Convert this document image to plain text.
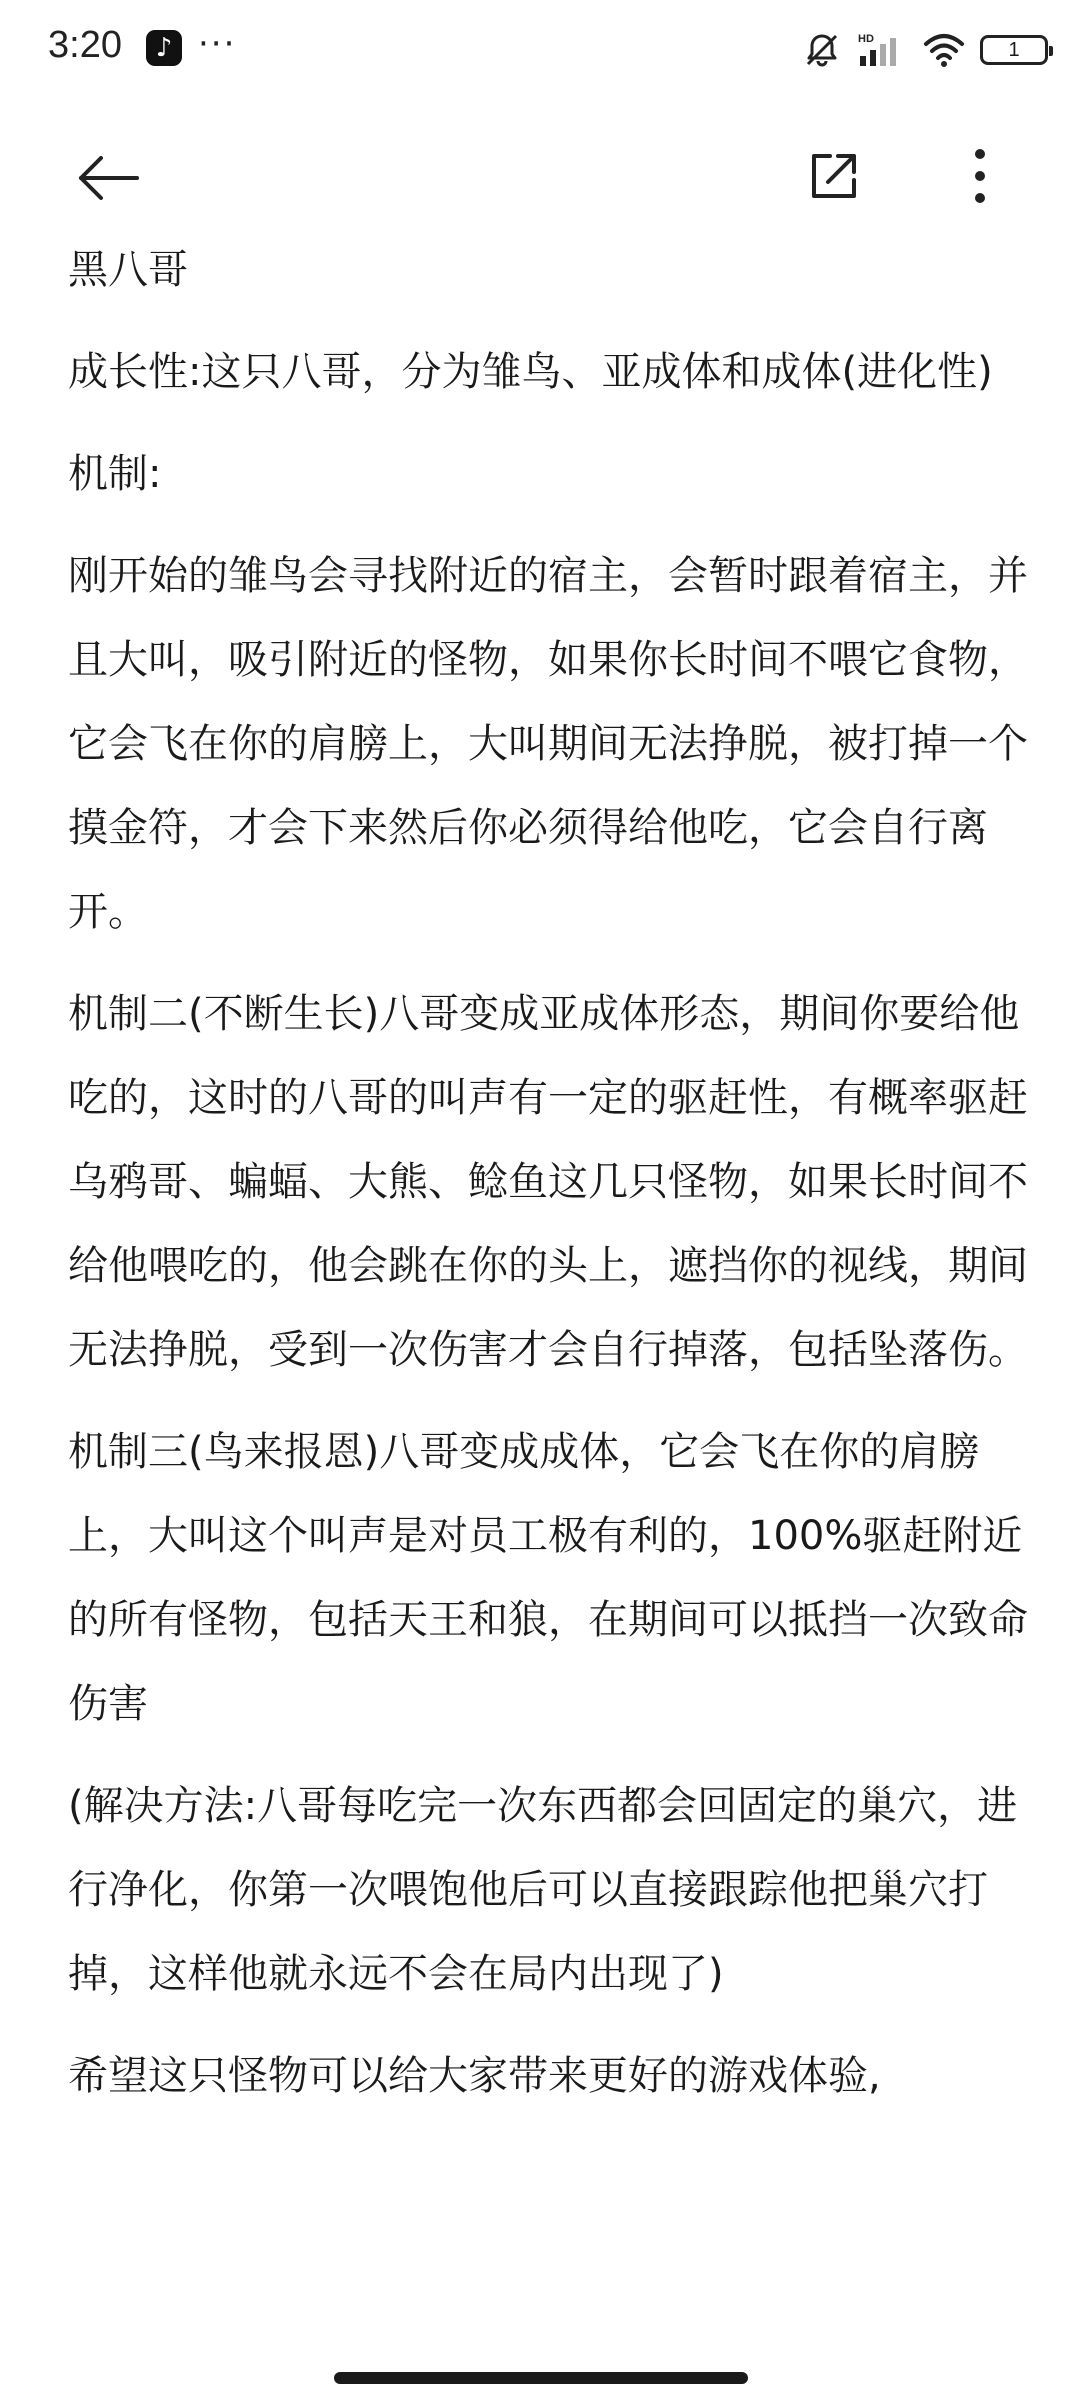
3:20	♪ ···	HD	1

黑八哥

成长性:这只八哥，分为雏鸟、亚成体和成体(进化性)

机制:

刚开始的雏鸟会寻找附近的宿主，会暂时跟着宿主，并且大叫，吸引附近的怪物，如果你长时间不喂它食物，它会飞在你的肩膀上，大叫期间无法挣脱，被打掉一个摸金符，才会下来然后你必须得给他吃，它会自行离开。

机制二(不断生长)八哥变成亚成体形态，期间你要给他吃的，这时的八哥的叫声有一定的驱赶性，有概率驱赶乌鸦哥、蝙蝠、大熊、鲶鱼这几只怪物，如果长时间不给他喂吃的，他会跳在你的头上，遮挡你的视线，期间无法挣脱，受到一次伤害才会自行掉落，包括坠落伤。

机制三(鸟来报恩)八哥变成成体，它会飞在你的肩膀上，大叫这个叫声是对员工极有利的，100%驱赶附近的所有怪物，包括天王和狼，在期间可以抵挡一次致命伤害

(解决方法:八哥每吃完一次东西都会回固定的巢穴，进行净化，你第一次喂饱他后可以直接跟踪他把巢穴打掉，这样他就永远不会在局内出现了)

希望这只怪物可以给大家带来更好的游戏体验,
